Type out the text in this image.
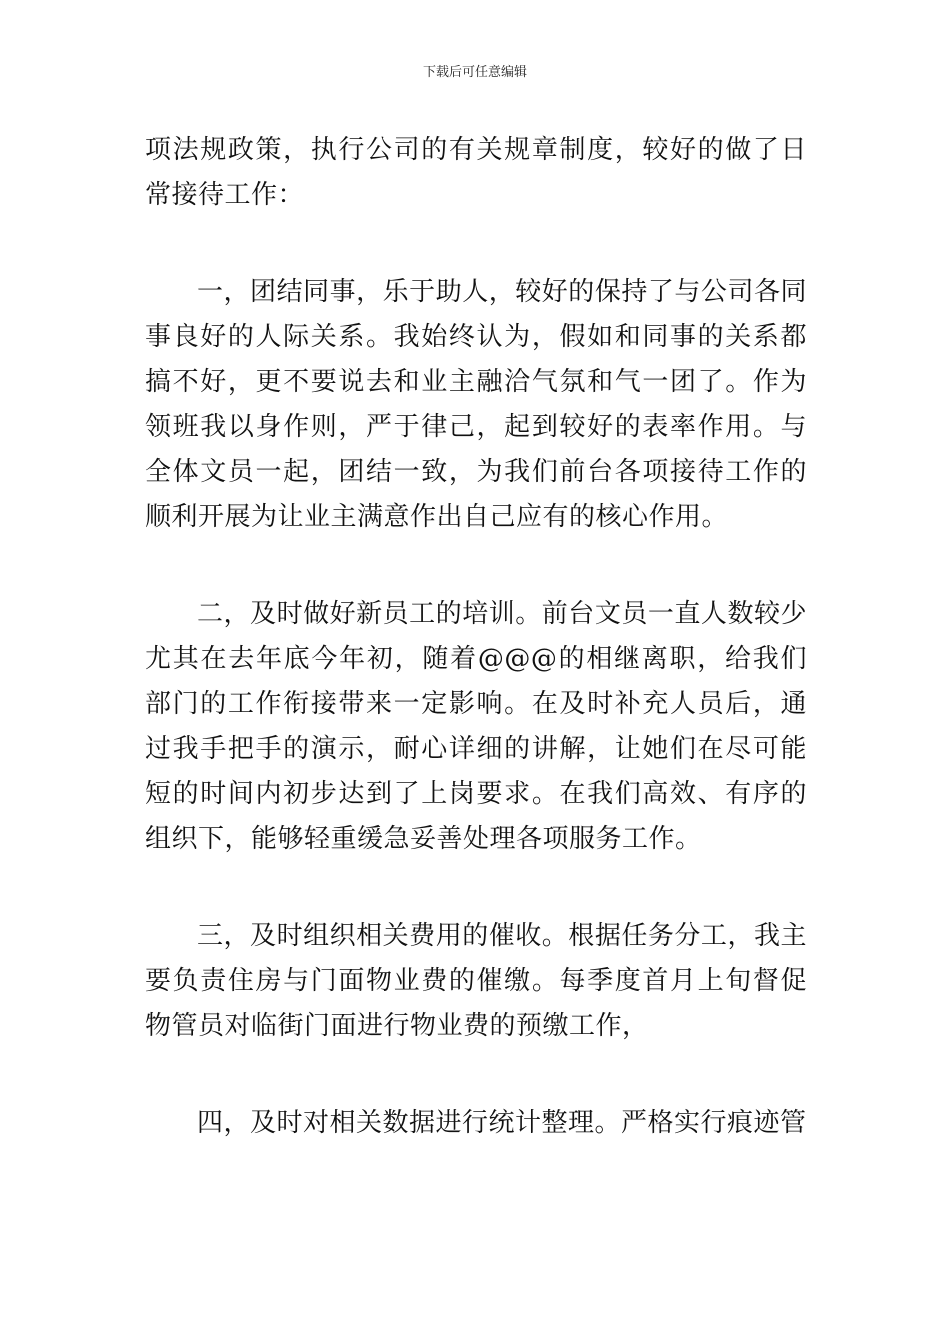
下载后可任意编辑

项法规政策，执行公司的有关规章制度，较好的做了日常接待工作：

一，团结同事，乐于助人，较好的保持了与公司各同事良好的人际关系。我始终认为，假如和同事的关系都搞不好，更不要说去和业主融洽气氛和气一团了。作为领班我以身作则，严于律己，起到较好的表率作用。与全体文员一起，团结一致，为我们前台各项接待工作的顺利开展为让业主满意作出自己应有的核心作用。

二，及时做好新员工的培训。前台文员一直人数较少尤其在去年底今年初，随着@@@的相继离职，给我们部门的工作衔接带来一定影响。在及时补充人员后，通过我手把手的演示，耐心详细的讲解，让她们在尽可能短的时间内初步达到了上岗要求。在我们高效、有序的组织下，能够轻重缓急妥善处理各项服务工作。

三，及时组织相关费用的催收。根据任务分工，我主要负责住房与门面物业费的催缴。每季度首月上旬督促物管员对临街门面进行物业费的预缴工作，

四，及时对相关数据进行统计整理。严格实行痕迹管
